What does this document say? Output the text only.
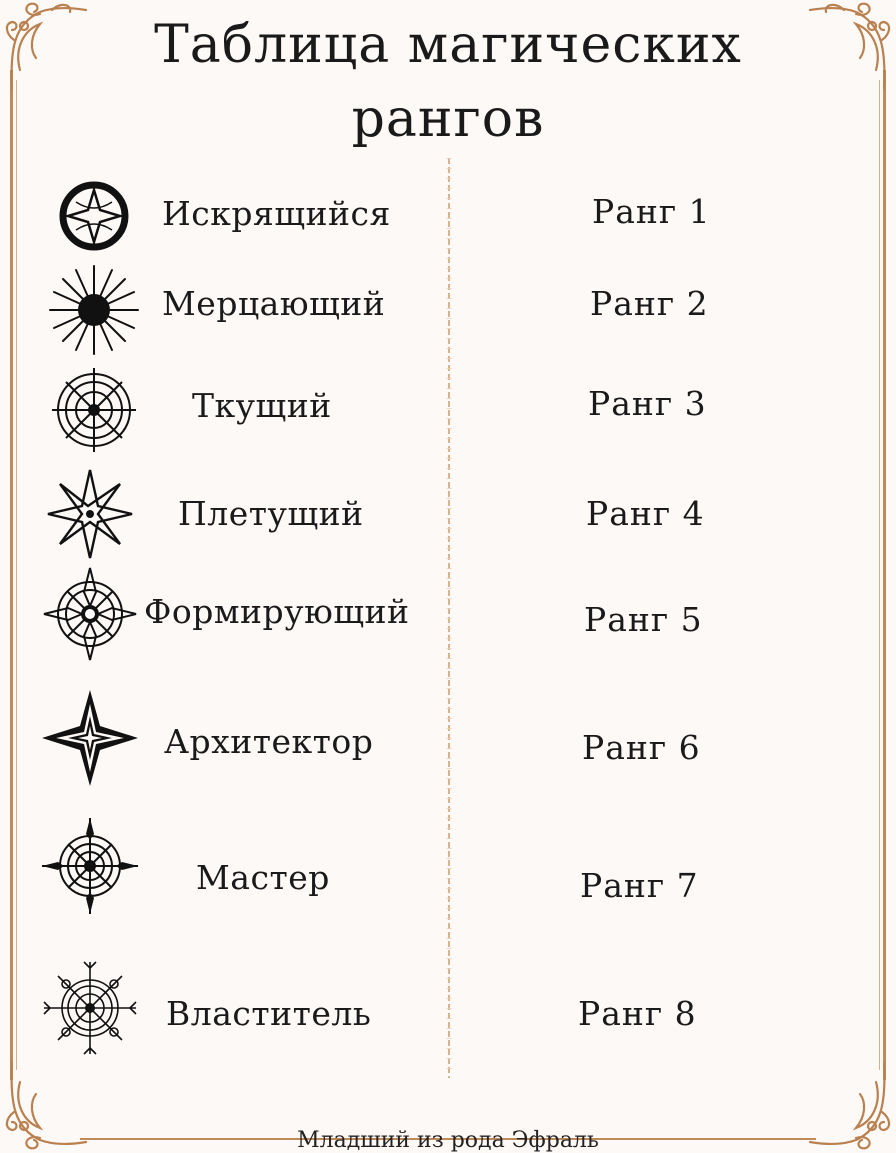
Таблица магических
рангов
Искрящийся	Ранг 1
Мерцающий	Ранг 2
Ткущий	Ранг 3
Плетущий	Ранг 4
Формирующий	Ранг 5
Архитектор	Ранг 6
Мастер	Ранг 7
Властитель	Ранг 8
Младший из рода Эфраль
